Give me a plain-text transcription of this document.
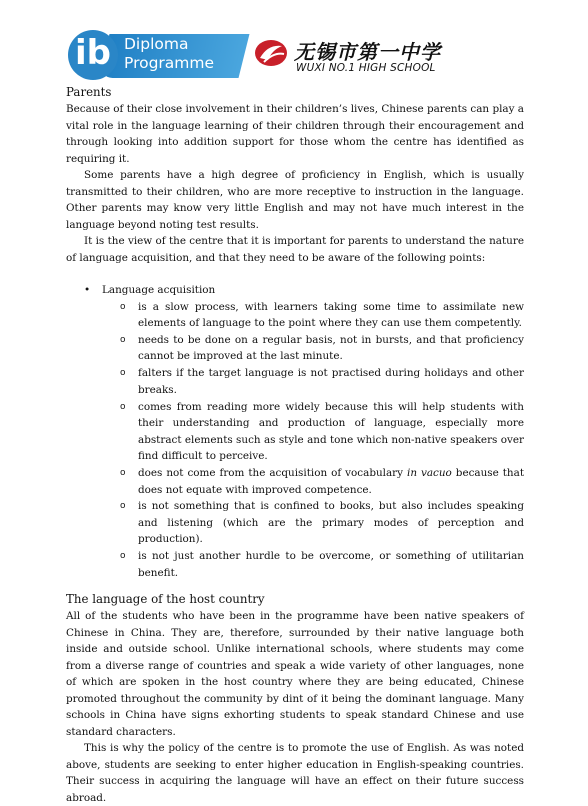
ib Diploma
Programme	无锡市第一中学
WUXI NO.1 HIGH SCHOOL
Parents

Because of their close involvement in their children’s lives, Chinese parents can play a vital role in the language learning of their children through their encouragement and through looking into addition support for those whom the centre has identified as requiring it.

Some parents have a high degree of proficiency in English, which is usually transmitted to their children, who are more receptive to instruction in the language. Other parents may know very little English and may not have much interest in the language beyond noting test results.

It is the view of the centre that it is important for parents to understand the nature of language acquisition, and that they need to be aware of the following points:

• Language acquisition
o is a slow process, with learners taking some time to assimilate new elements of language to the point where they can use them competently.
o needs to be done on a regular basis, not in bursts, and that proficiency cannot be improved at the last minute.
o falters if the target language is not practised during holidays and other breaks.
o comes from reading more widely because this will help students with their understanding and production of language, especially more abstract elements such as style and tone which non-native speakers over find difficult to perceive.
o does not come from the acquisition of vocabulary in vacuo because that does not equate with improved competence.
o is not something that is confined to books, but also includes speaking and listening (which are the primary modes of perception and production).
o is not just another hurdle to be overcome, or something of utilitarian benefit.
The language of the host country

All of the students who have been in the programme have been native speakers of Chinese in China. They are, therefore, surrounded by their native language both inside and outside school. Unlike international schools, where students may come from a diverse range of countries and speak a wide variety of other languages, none of which are spoken in the host country where they are being educated, Chinese promoted throughout the community by dint of it being the dominant language. Many schools in China have signs exhorting students to speak standard Chinese and use standard characters.

This is why the policy of the centre is to promote the use of English. As was noted above, students are seeking to enter higher education in English-speaking countries. Their success in acquiring the language will have an effect on their future success abroad.
